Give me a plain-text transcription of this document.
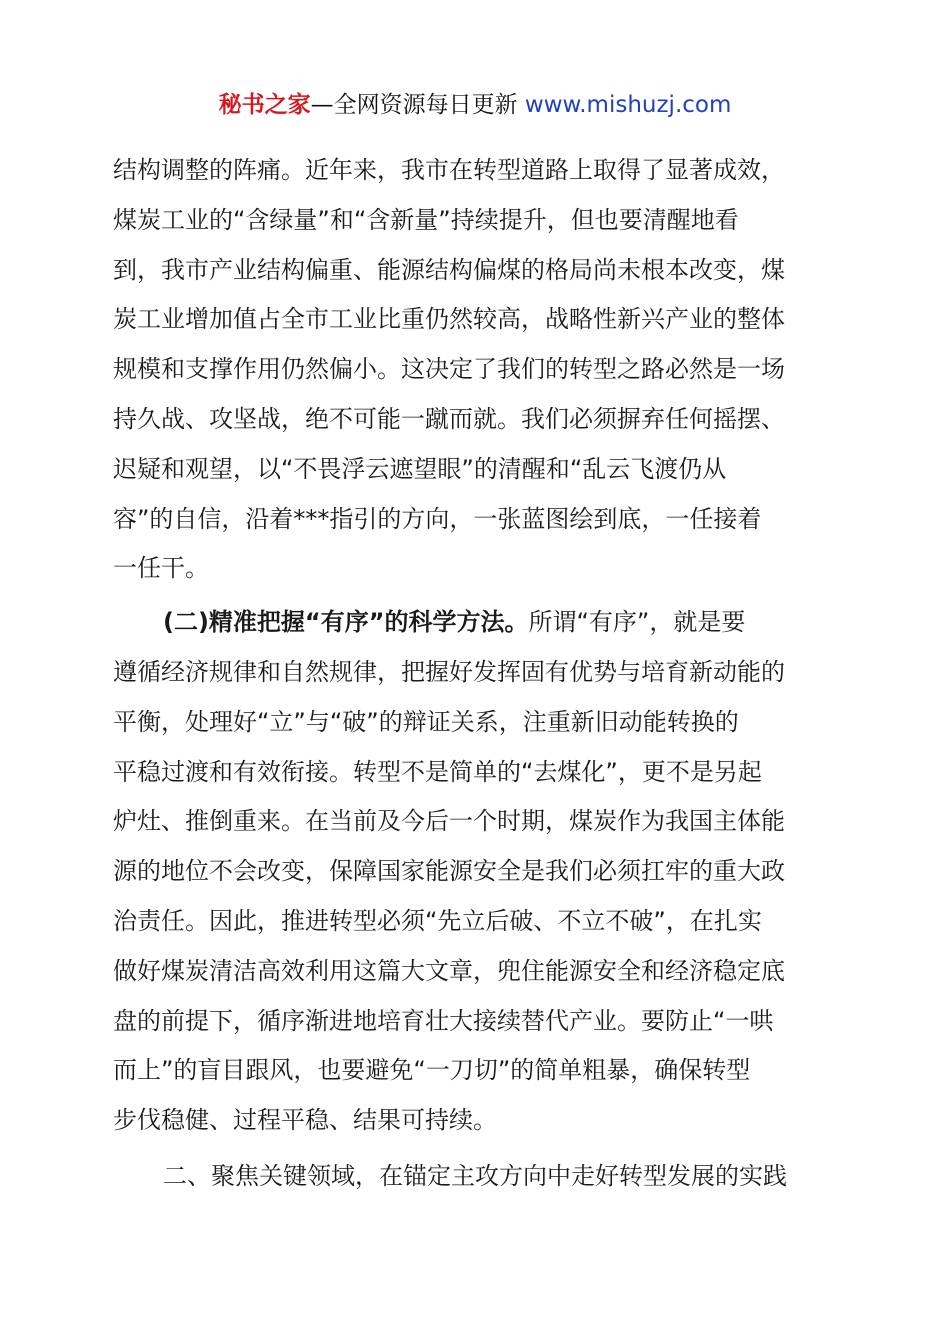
秘书之家—全网资源每日更新 www.mishuzj.com
结构调整的阵痛。近年来，我市在转型道路上取得了显著成效，
煤炭工业的“含绿量”和“含新量”持续提升，但也要清醒地看
到，我市产业结构偏重、能源结构偏煤的格局尚未根本改变，煤
炭工业增加值占全市工业比重仍然较高，战略性新兴产业的整体
规模和支撑作用仍然偏小。这决定了我们的转型之路必然是一场
持久战、攻坚战，绝不可能一蹴而就。我们必须摒弃任何摇摆、
迟疑和观望，以“不畏浮云遮望眼”的清醒和“乱云飞渡仍从
容”的自信，沿着***指引的方向，一张蓝图绘到底，一任接着
一任干。
(二)精准把握“有序”的科学方法。所谓“有序”，就是要
遵循经济规律和自然规律，把握好发挥固有优势与培育新动能的
平衡，处理好“立”与“破”的辩证关系，注重新旧动能转换的
平稳过渡和有效衔接。转型不是简单的“去煤化”，更不是另起
炉灶、推倒重来。在当前及今后一个时期，煤炭作为我国主体能
源的地位不会改变，保障国家能源安全是我们必须扛牢的重大政
治责任。因此，推进转型必须“先立后破、不立不破”，在扎实
做好煤炭清洁高效利用这篇大文章，兜住能源安全和经济稳定底
盘的前提下，循序渐进地培育壮大接续替代产业。要防止“一哄
而上”的盲目跟风，也要避免“一刀切”的简单粗暴，确保转型
步伐稳健、过程平稳、结果可持续。
二、聚焦关键领域，在锚定主攻方向中走好转型发展的实践
